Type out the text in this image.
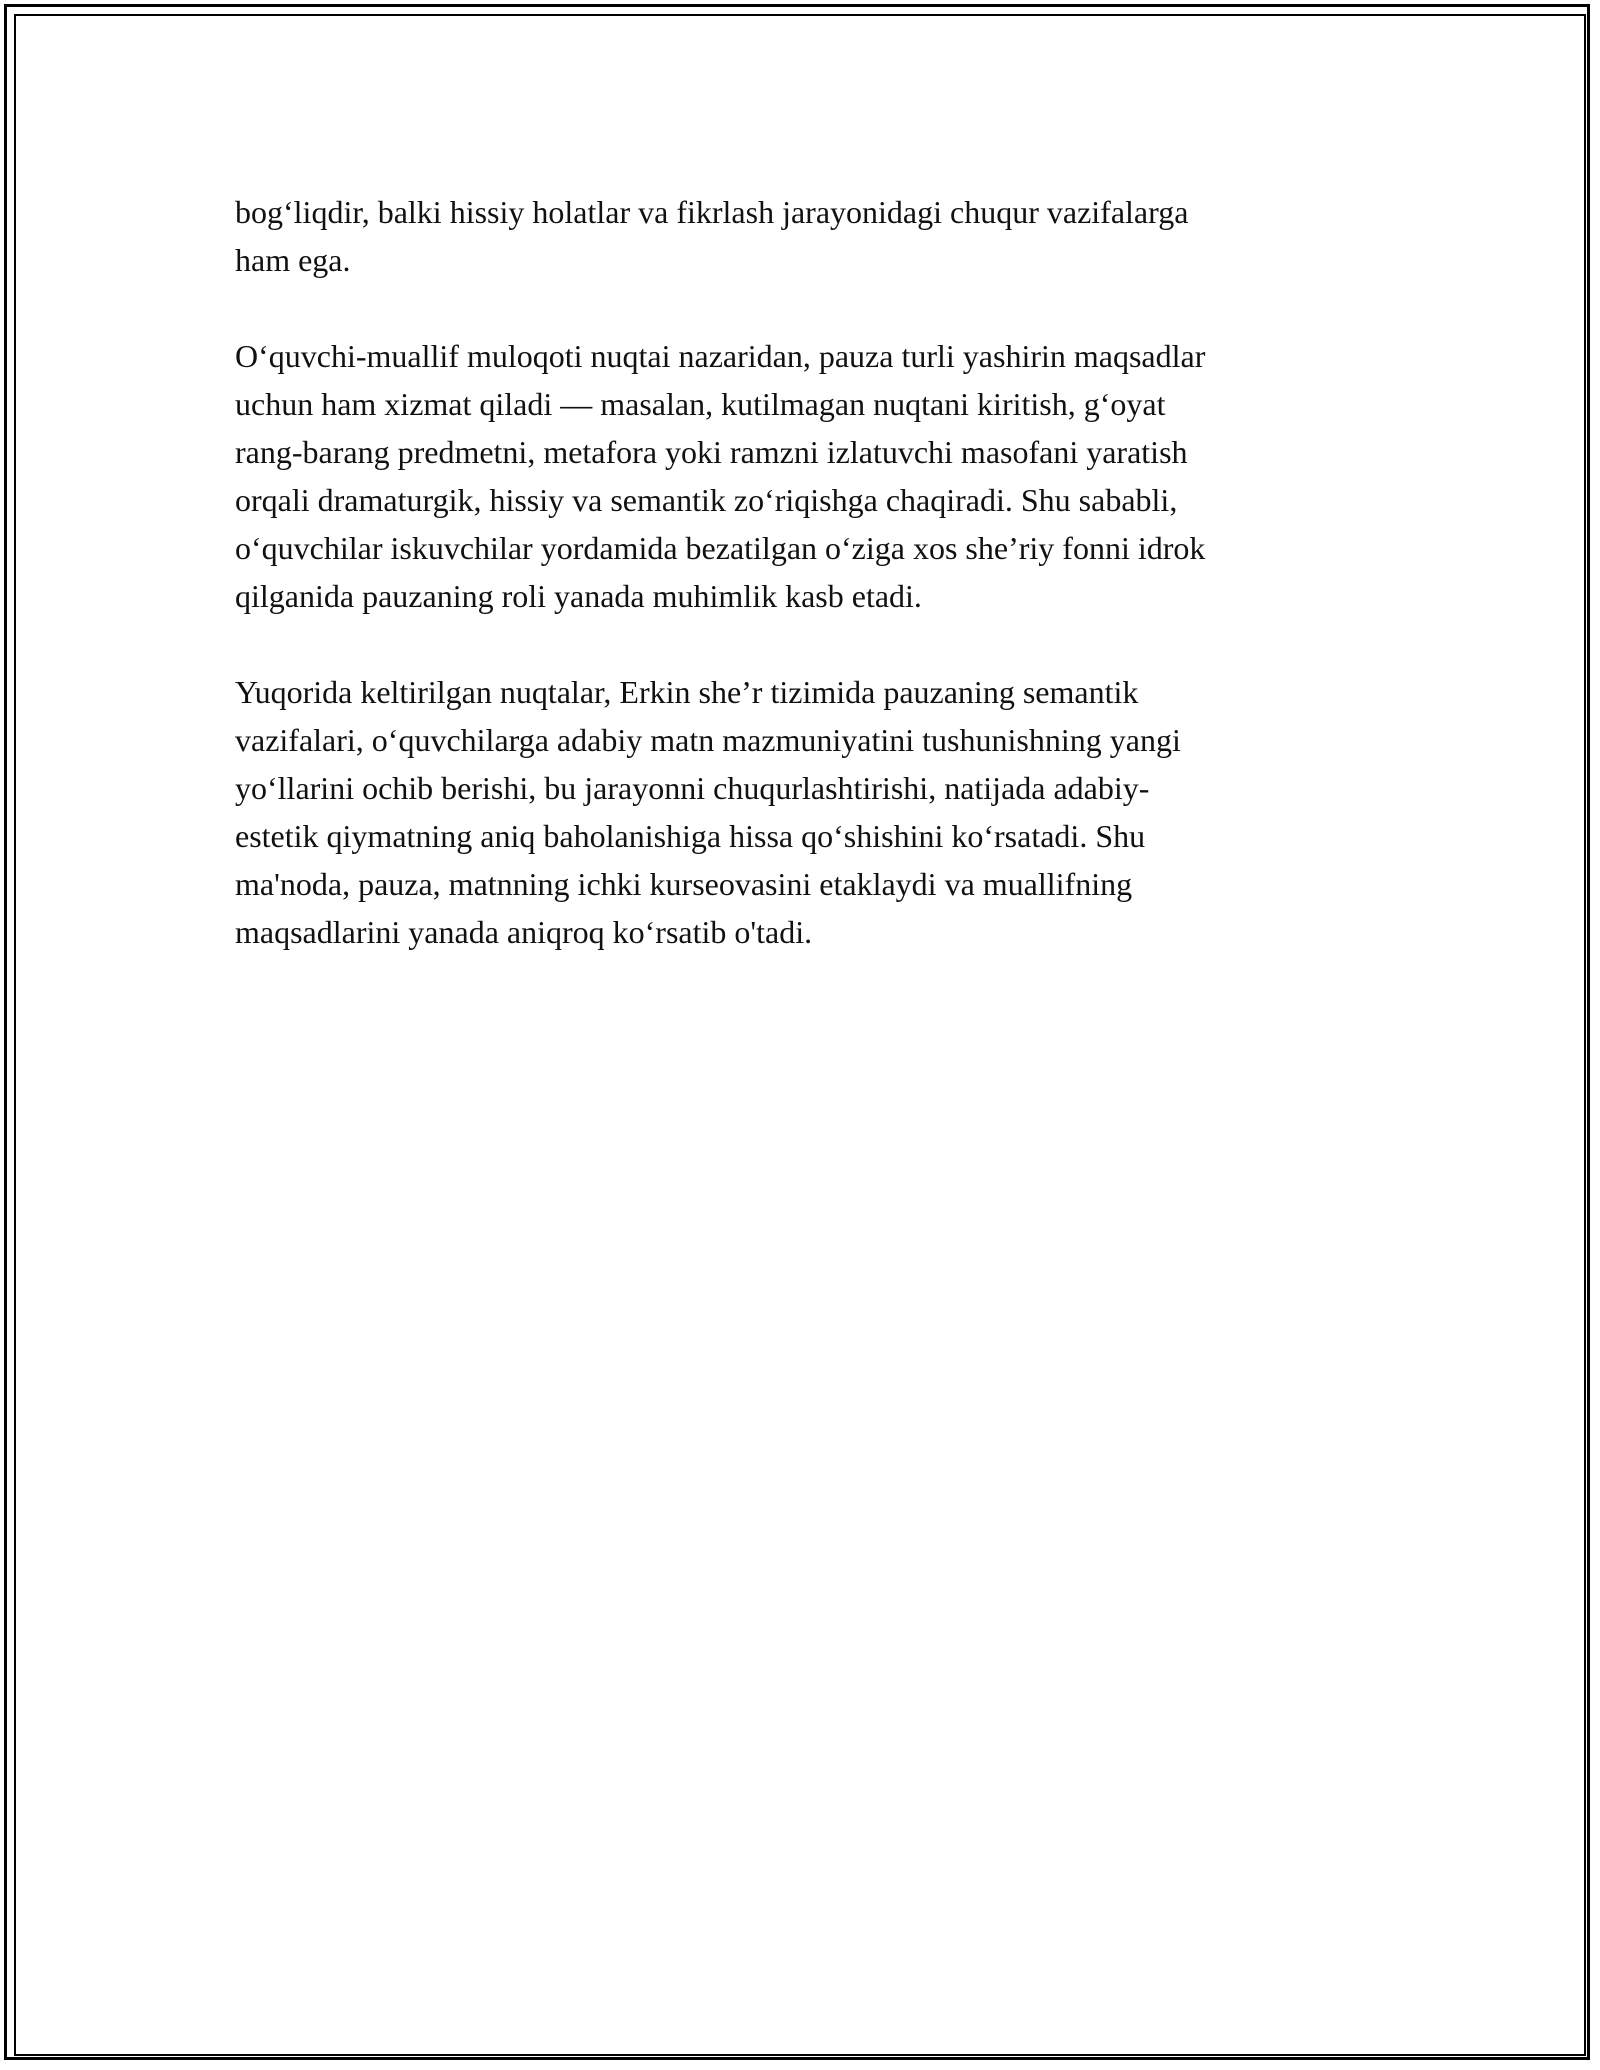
bog‘liqdir, balki hissiy holatlar va fikrlash jarayonidagi chuqur vazifalarga
ham ega.

O‘quvchi-muallif muloqoti nuqtai nazaridan, pauza turli yashirin maqsadlar
uchun ham xizmat qiladi — masalan, kutilmagan nuqtani kiritish, g‘oyat
rang-barang predmetni, metafora yoki ramzni izlatuvchi masofani yaratish
orqali dramaturgik, hissiy va semantik zo‘riqishga chaqiradi. Shu sababli,
o‘quvchilar iskuvchilar yordamida bezatilgan o‘ziga xos she’riy fonni idrok
qilganida pauzaning roli yanada muhimlik kasb etadi.

Yuqorida keltirilgan nuqtalar, Erkin she’r tizimida pauzaning semantik
vazifalari, o‘quvchilarga adabiy matn mazmuniyatini tushunishning yangi
yo‘llarini ochib berishi, bu jarayonni chuqurlashtirishi, natijada adabiy-
estetik qiymatning aniq baholanishiga hissa qo‘shishini ko‘rsatadi. Shu
ma'noda, pauza, matnning ichki kurseovasini etaklaydi va muallifning
maqsadlarini yanada aniqroq ko‘rsatib o'tadi.
